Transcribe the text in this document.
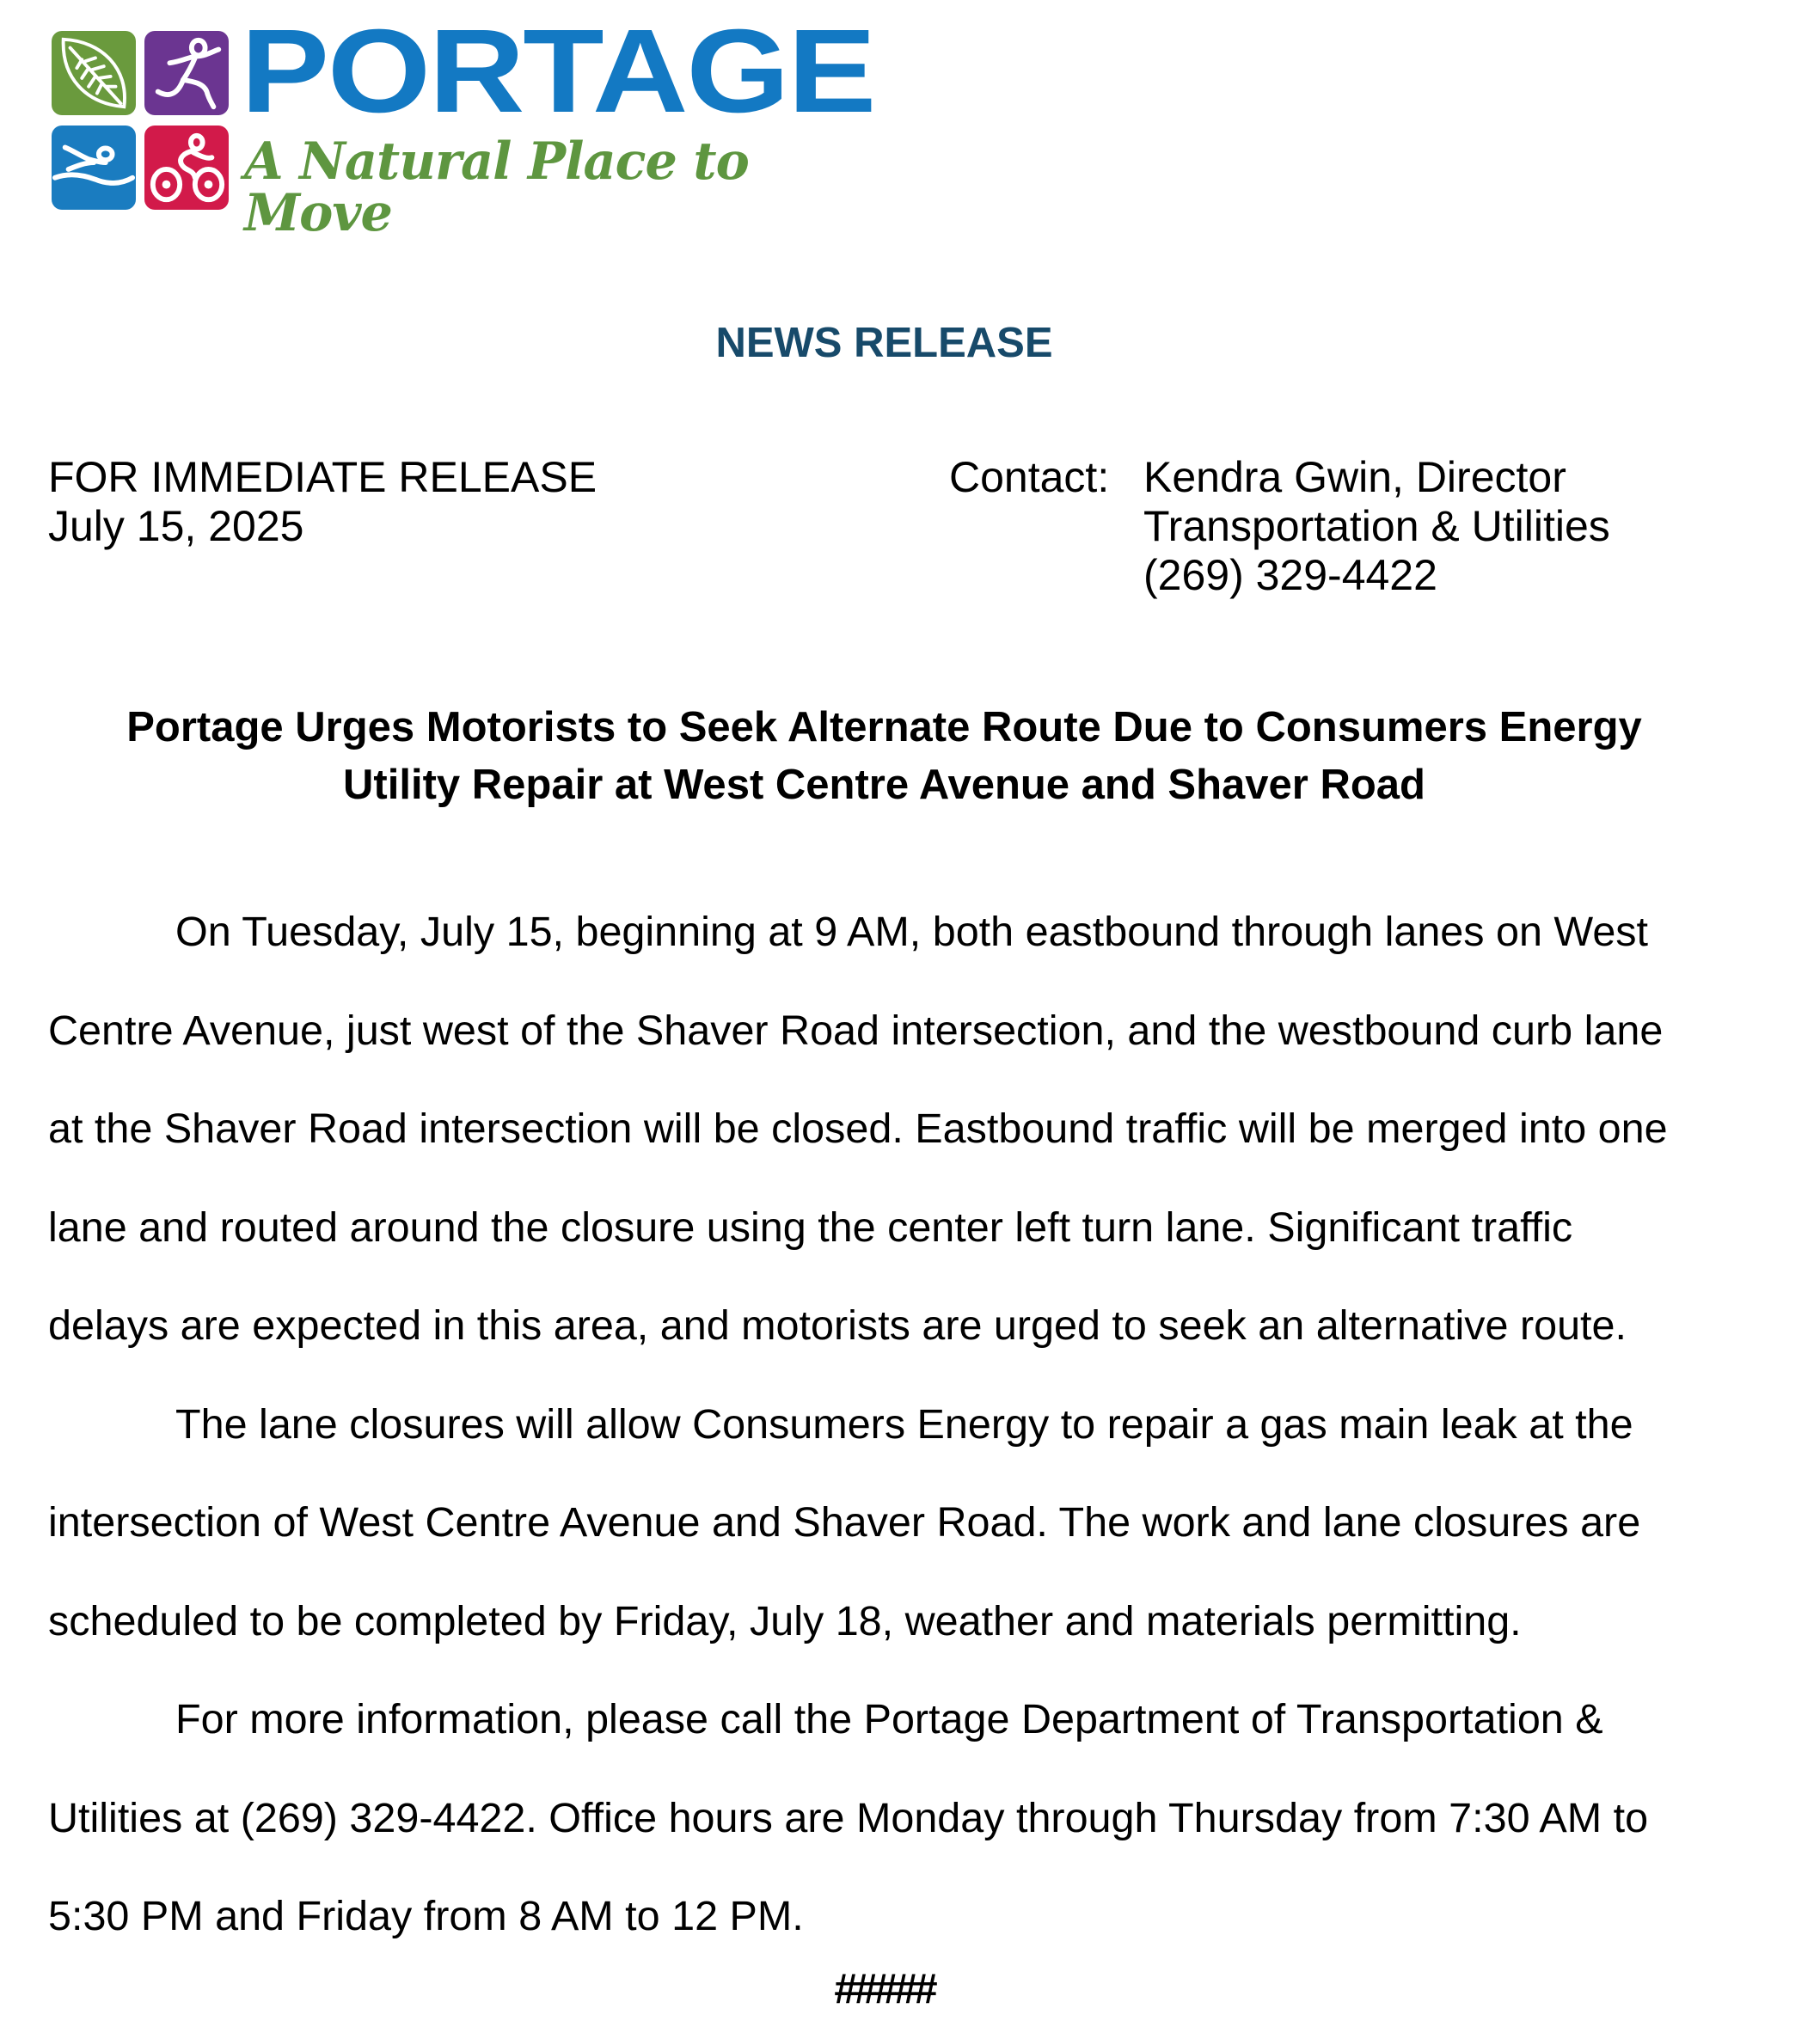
PORTAGE
A Natural Place to Move
NEWS RELEASE
FOR IMMEDIATE RELEASE
July 15, 2025
Contact: Kendra Gwin, Director
Transportation & Utilities
(269) 329-4422
Portage Urges Motorists to Seek Alternate Route Due to Consumers Energy
Utility Repair at West Centre Avenue and Shaver Road
On Tuesday, July 15, beginning at 9 AM, both eastbound through lanes on West
Centre Avenue, just west of the Shaver Road intersection, and the westbound curb lane
at the Shaver Road intersection will be closed. Eastbound traffic will be merged into one
lane and routed around the closure using the center left turn lane. Significant traffic
delays are expected in this area, and motorists are urged to seek an alternative route.
The lane closures will allow Consumers Energy to repair a gas main leak at the
intersection of West Centre Avenue and Shaver Road. The work and lane closures are
scheduled to be completed by Friday, July 18, weather and materials permitting.
For more information, please call the Portage Department of Transportation &
Utilities at (269) 329-4422. Office hours are Monday through Thursday from 7:30 AM to
5:30 PM and Friday from 8 AM to 12 PM.
#####
